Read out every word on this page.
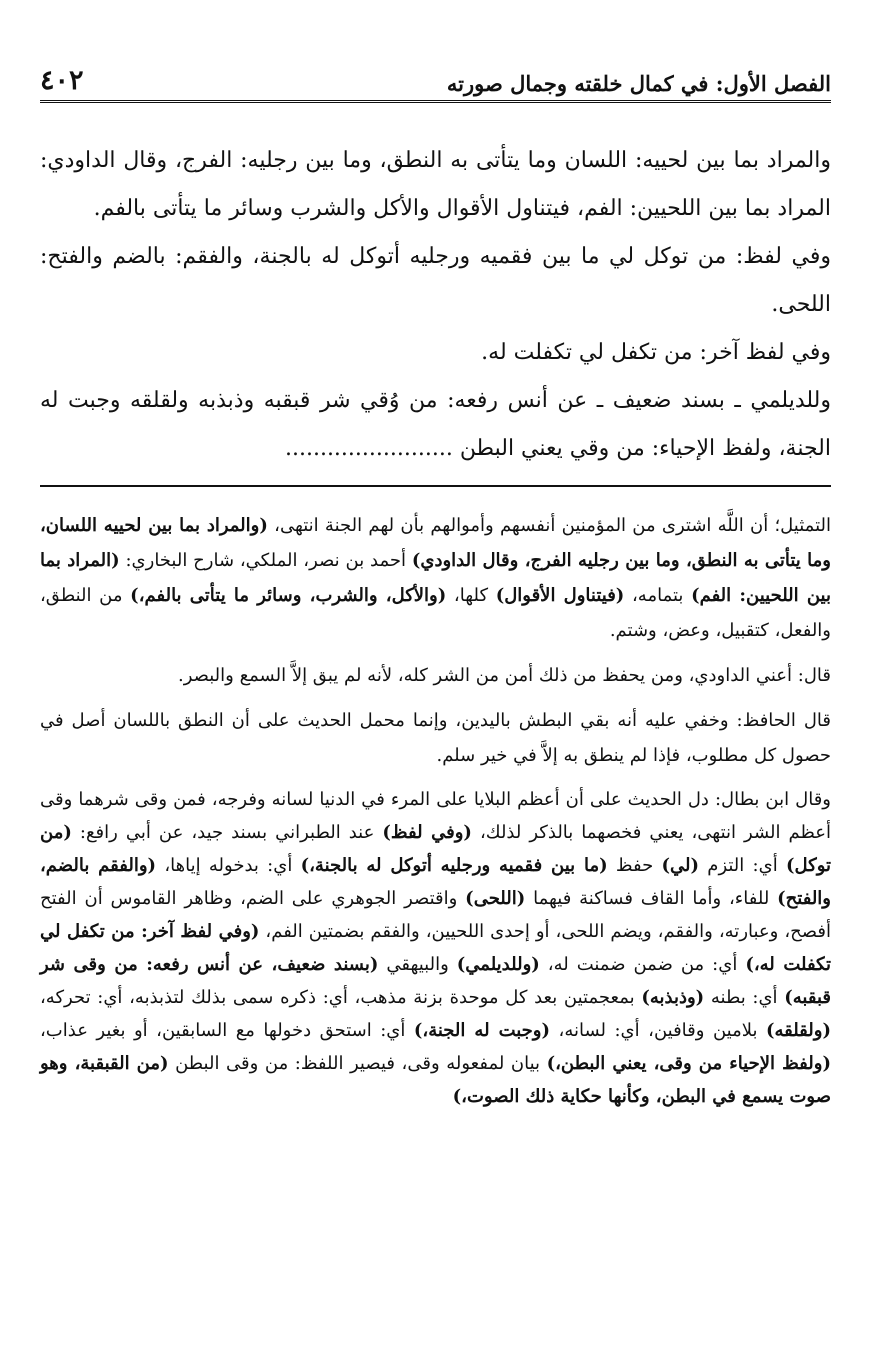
الفصل الأول: في كمال خلقته وجمال صورته
٤٠٢

والمراد بما بين لحييه: اللسان وما يتأتى به النطق، وما بين رجليه: الفرج، وقال الداودي: المراد بما بين اللحيين: الفم، فيتناول الأقوال والأكل والشرب وسائر ما يتأتى بالفم.

وفي لفظ: من توكل لي ما بين فقميه ورجليه أتوكل له بالجنة، والفقم: بالضم والفتح: اللحى.

وفي لفظ آخر: من تكفل لي تكفلت له.

وللديلمي ـ بسند ضعيف ـ عن أنس رفعه: من وُقي شر قبقبه وذبذبه ولقلقه وجبت له الجنة، ولفظ الإحياء: من وقي يعني البطن ........................

التمثيل؛ أن اللَّه اشترى من المؤمنين أنفسهم وأموالهم بأن لهم الجنة انتهى، (والمراد بما بين لحييه اللسان، وما يتأتى به النطق، وما بين رجليه الفرج، وقال الداودي) أحمد بن نصر، الملكي، شارح البخاري: (المراد بما بين اللحيين: الفم) بتمامه، (فيتناول الأقوال) كلها، (والأكل، والشرب، وسائر ما يتأتى بالفم،) من النطق، والفعل، كتقبيل، وعض، وشتم.

قال: أعني الداودي، ومن يحفظ من ذلك أمن من الشر كله، لأنه لم يبق إلاَّ السمع والبصر.

قال الحافظ: وخفي عليه أنه بقي البطش باليدين، وإنما محمل الحديث على أن النطق باللسان أصل في حصول كل مطلوب، فإذا لم ينطق به إلاَّ في خير سلم.

وقال ابن بطال: دل الحديث على أن أعظم البلايا على المرء في الدنيا لسانه وفرجه، فمن وقى شرهما وقى أعظم الشر انتهى، يعني فخصهما بالذكر لذلك، (وفي لفظ) عند الطبراني بسند جيد، عن أبي رافع: (من توكل) أي: التزم (لي) حفظ (ما بين فقميه ورجليه أتوكل له بالجنة،) أي: بدخوله إياها، (والفقم بالضم، والفتح) للفاء، وأما القاف فساكنة فيهما (اللحى) واقتصر الجوهري على الضم، وظاهر القاموس أن الفتح أفصح، وعبارته، والفقم، ويضم اللحى، أو إحدى اللحيين، والفقم بضمتين الفم، (وفي لفظ آخر: من تكفل لي تكفلت له،) أي: من ضمن ضمنت له، (وللديلمي) والبيهقي (بسند ضعيف، عن أنس رفعه: من وقى شر قبقبه) أي: بطنه (وذبذبه) بمعجمتين بعد كل موحدة بزنة مذهب، أي: ذكره سمى بذلك لتذبذبه، أي: تحركه، (ولقلقه) بلامين وقافين، أي: لسانه، (وجبت له الجنة،) أي: استحق دخولها مع السابقين، أو بغير عذاب، (ولفظ الإحياء من وقى، يعني البطن،) بيان لمفعوله وقى، فيصير اللفظ: من وقى البطن (من القبقبة، وهو صوت يسمع في البطن، وكأنها حكاية ذلك الصوت،)
